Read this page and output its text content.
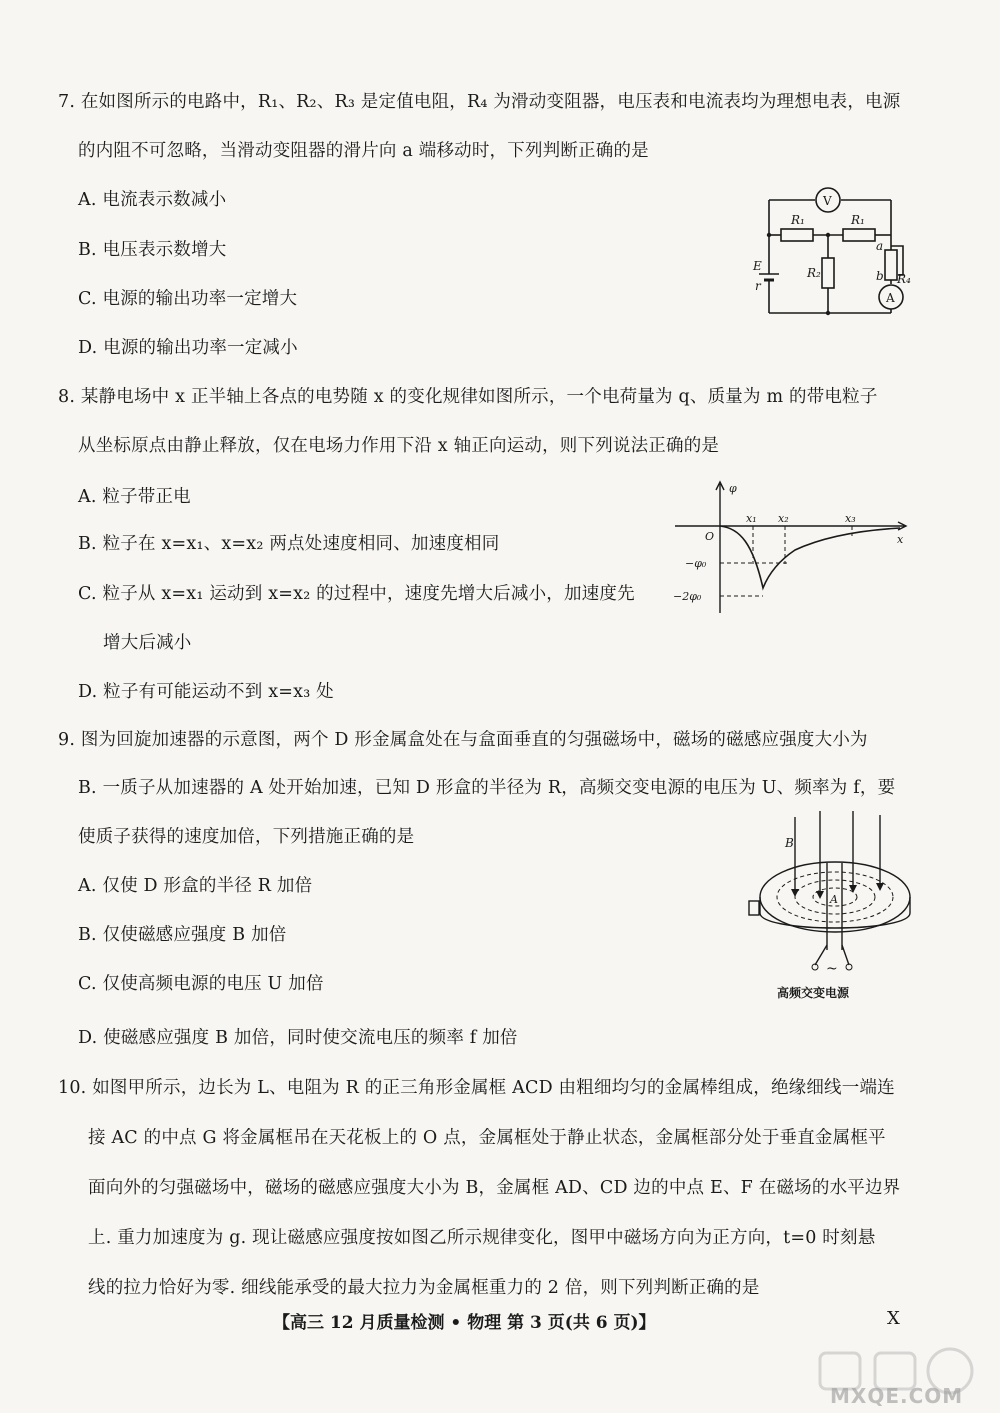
7. 在如图所示的电路中，R₁、R₂、R₃ 是定值电阻，R₄ 为滑动变阻器，电压表和电流表均为理想电表，电源
的内阻不可忽略，当滑动变阻器的滑片向 a 端移动时，下列判断正确的是
A. 电流表示数减小
B. 电压表示数增大
C. 电源的输出功率一定增大
D. 电源的输出功率一定减小
V
A
R₁	R₁
R₂	R₄
E
r
a
b
8. 某静电场中 x 正半轴上各点的电势随 x 的变化规律如图所示，一个电荷量为 q、质量为 m 的带电粒子
从坐标原点由静止释放，仅在电场力作用下沿 x 轴正向运动，则下列说法正确的是
A. 粒子带正电
B. 粒子在 x=x₁、x=x₂ 两点处速度相同、加速度相同
C. 粒子从 x=x₁ 运动到 x=x₂ 的过程中，速度先增大后减小，加速度先
增大后减小
D. 粒子有可能运动不到 x=x₃ 处
φ
x
O
x₁ x₂	x₃
−φ₀
−2φ₀
9. 图为回旋加速器的示意图，两个 D 形金属盒处在与盒面垂直的匀强磁场中，磁场的磁感应强度大小为
B. 一质子从加速器的 A 处开始加速，已知 D 形盒的半径为 R，高频交变电源的电压为 U、频率为 f，要
使质子获得的速度加倍，下列措施正确的是
A. 仅使 D 形盒的半径 R 加倍
B. 仅使磁感应强度 B 加倍
C. 仅使高频电源的电压 U 加倍
D. 使磁感应强度 B 加倍，同时使交流电压的频率 f 加倍
B
A
~
高频交变电源
10. 如图甲所示，边长为 L、电阻为 R 的正三角形金属框 ACD 由粗细均匀的金属棒组成，绝缘细线一端连
接 AC 的中点 G 将金属框吊在天花板上的 O 点，金属框处于静止状态，金属框部分处于垂直金属框平
面向外的匀强磁场中，磁场的磁感应强度大小为 B，金属框 AD、CD 边的中点 E、F 在磁场的水平边界
上. 重力加速度为 g. 现让磁感应强度按如图乙所示规律变化，图甲中磁场方向为正方向，t=0 时刻悬
线的拉力恰好为零. 细线能承受的最大拉力为金属框重力的 2 倍，则下列判断正确的是
【高三 12 月质量检测 • 物理 第 3 页(共 6 页)】	X
MXQE.COM
